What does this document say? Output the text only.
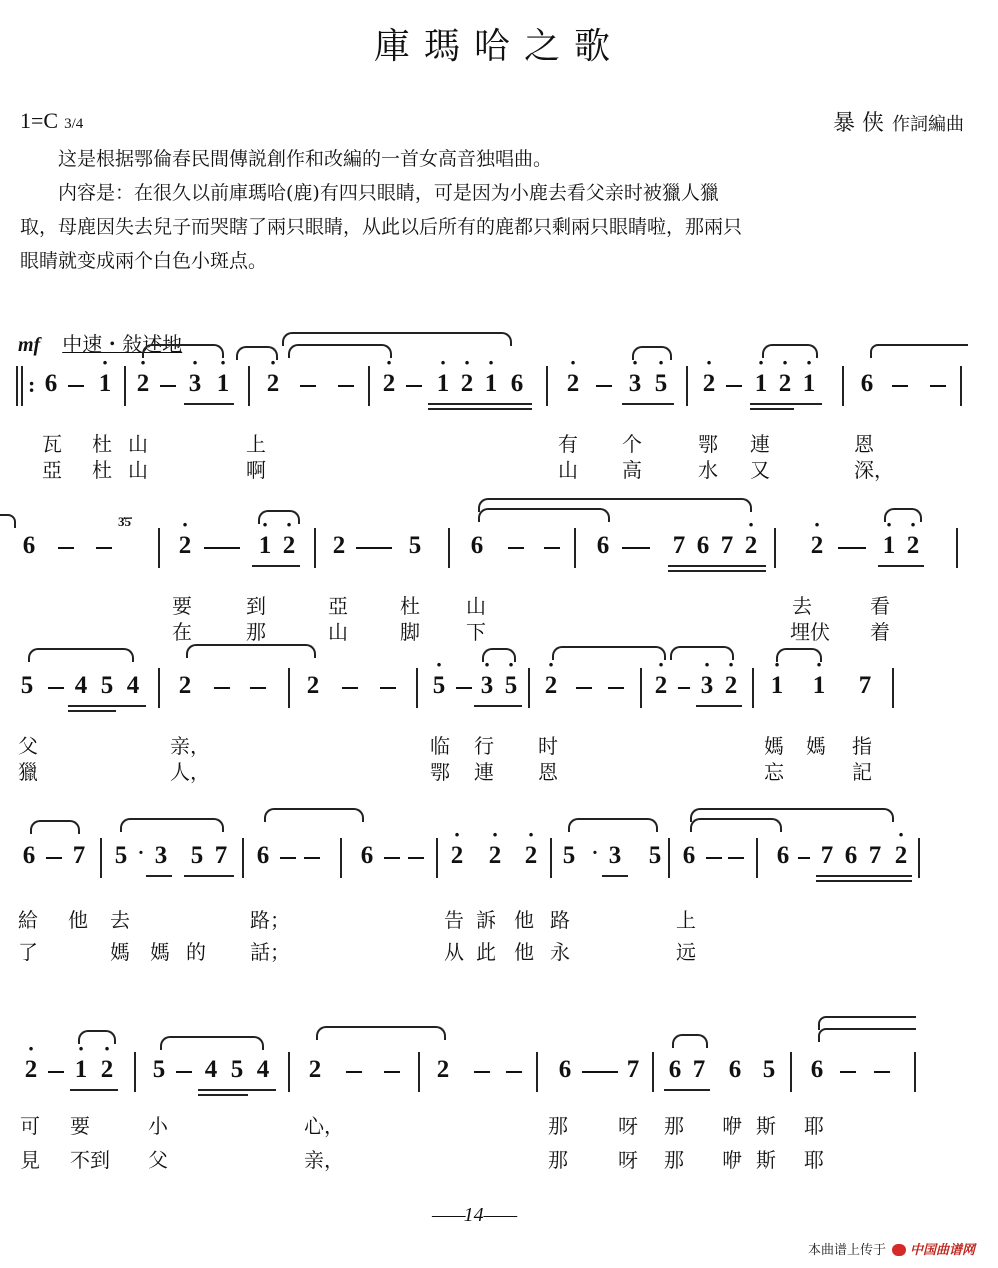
庫瑪哈之歌
1=C 3/4	暴 侠 作詞編曲

这是根据鄂倫春民間傳説創作和改編的一首女高音独唱曲。

内容是：在很久以前庫瑪哈(鹿)有四只眼睛，可是因为小鹿去看父亲时被獵人獵

取，母鹿因失去兒子而哭瞎了兩只眼睛，从此以后所有的鹿都只剩兩只眼睛啦，那兩只

眼睛就变成兩个白色小斑点。

mf 中速・敍述地
: 6 · 1 · 2 · 3 · 1 · 2	· 2 · 1 · 2 · 1 6 · 2 · 3 · 5 · 2 · 1 · 2 · 1 6
瓦 杜 山	上	有 个	鄂 連	恩
亞 杜 山	啊	山 高	水 又	深，
6
3̇5̇
· 2	· 1 · 2 2	5 6	6	7 6 7 · 2 · 2 · 1 · 2
要	到	亞	杜 山	去	看
在	那	山	脚 下	埋伏 着
5 4 5 4 2	2	· 5 · 3 · 5 · 2	· 2 · 3 · 2 · 1 · 1 7
父	亲，	临 行 时	媽 媽 指
獵	人，	鄂 連 恩	忘	記
6 7 5 · 3 5 7 6	6	· 2 · 2 · 2 5 · 3 5 6	6 7 6 7 · 2
給 他 去	路；	告 訴 他 路	上
了	媽 媽 的 話；	从 此 他 永	远
· 2 · 1 · 2 5 4 5 4 2	2	6 7 6 7 6 5 6
可 要	小	心，	那	呀 那 咿 斯 耶
見 不到 父	亲，	那	呀 那 咿 斯 耶
——14——
本曲谱上传于 中国曲谱网
